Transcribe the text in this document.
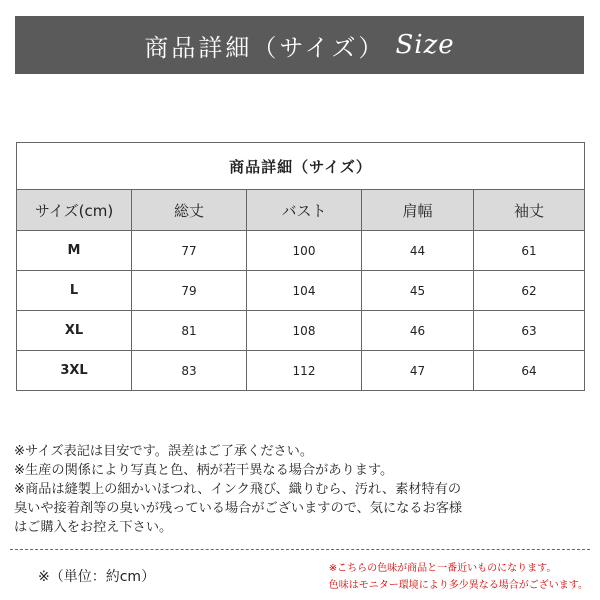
商品詳細（サイズ） Size
商品詳細（サイズ）				
サイズ(cm)	総丈	バスト	肩幅	袖丈
M	77	100	44	61
L	79	104	45	62
XL	81	108	46	63
3XL	83	112	47	64

※サイズ表記は目安です。誤差はご了承ください。

※生産の関係により写真と色、柄が若干異なる場合があります。

※商品は縫製上の細かいほつれ、インク飛び、織りむら、汚れ、素材特有の

臭いや接着剤等の臭いが残っている場合がございますので、気になるお客様

はご購入をお控え下さい。

※（単位：約cm）

※こちらの色味が商品と一番近いものになります。

色味はモニター環境により多少異なる場合がございます。
